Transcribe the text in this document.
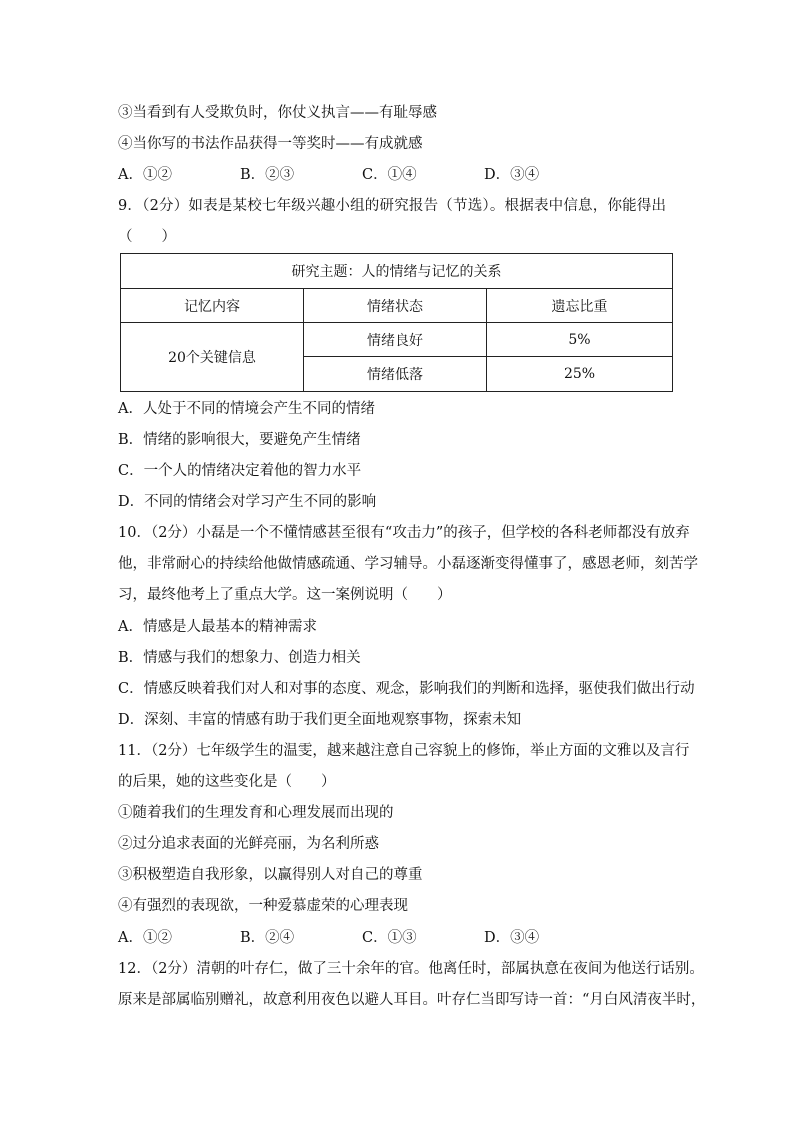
③当看到有人受欺负时，你仗义执言——有耻辱感
④当你写的书法作品获得一等奖时——有成就感
A．①②	B．②③	C．①④	D．③④
9．（2分）如表是某校七年级兴趣小组的研究报告（节选）。根据表中信息，你能得出
（　　）
研究主题：人的情绪与记忆的关系		
记忆内容	情绪状态	遗忘比重
20个关键信息	情绪良好	5%
	情绪低落	25%
A．人处于不同的情境会产生不同的情绪
B．情绪的影响很大，要避免产生情绪
C．一个人的情绪决定着他的智力水平
D．不同的情绪会对学习产生不同的影响
10．（2分）小磊是一个不懂情感甚至很有“攻击力”的孩子，但学校的各科老师都没有放弃
他，非常耐心的持续给他做情感疏通、学习辅导。小磊逐渐变得懂事了，感恩老师，刻苦学
习，最终他考上了重点大学。这一案例说明（　　）
A．情感是人最基本的精神需求
B．情感与我们的想象力、创造力相关
C．情感反映着我们对人和对事的态度、观念，影响我们的判断和选择，驱使我们做出行动
D．深刻、丰富的情感有助于我们更全面地观察事物，探索未知
11．（2分）七年级学生的温雯，越来越注意自己容貌上的修饰，举止方面的文雅以及言行
的后果，她的这些变化是（　　）
①随着我们的生理发育和心理发展而出现的
②过分追求表面的光鲜亮丽，为名利所惑
③积极塑造自我形象，以赢得别人对自己的尊重
④有强烈的表现欲，一种爱慕虚荣的心理表现
A．①②	B．②④	C．①③	D．③④
12．（2分）清朝的叶存仁，做了三十余年的官。他离任时，部属执意在夜间为他送行话别。
原来是部属临别赠礼，故意利用夜色以避人耳目。叶存仁当即写诗一首：“月白风清夜半时，
